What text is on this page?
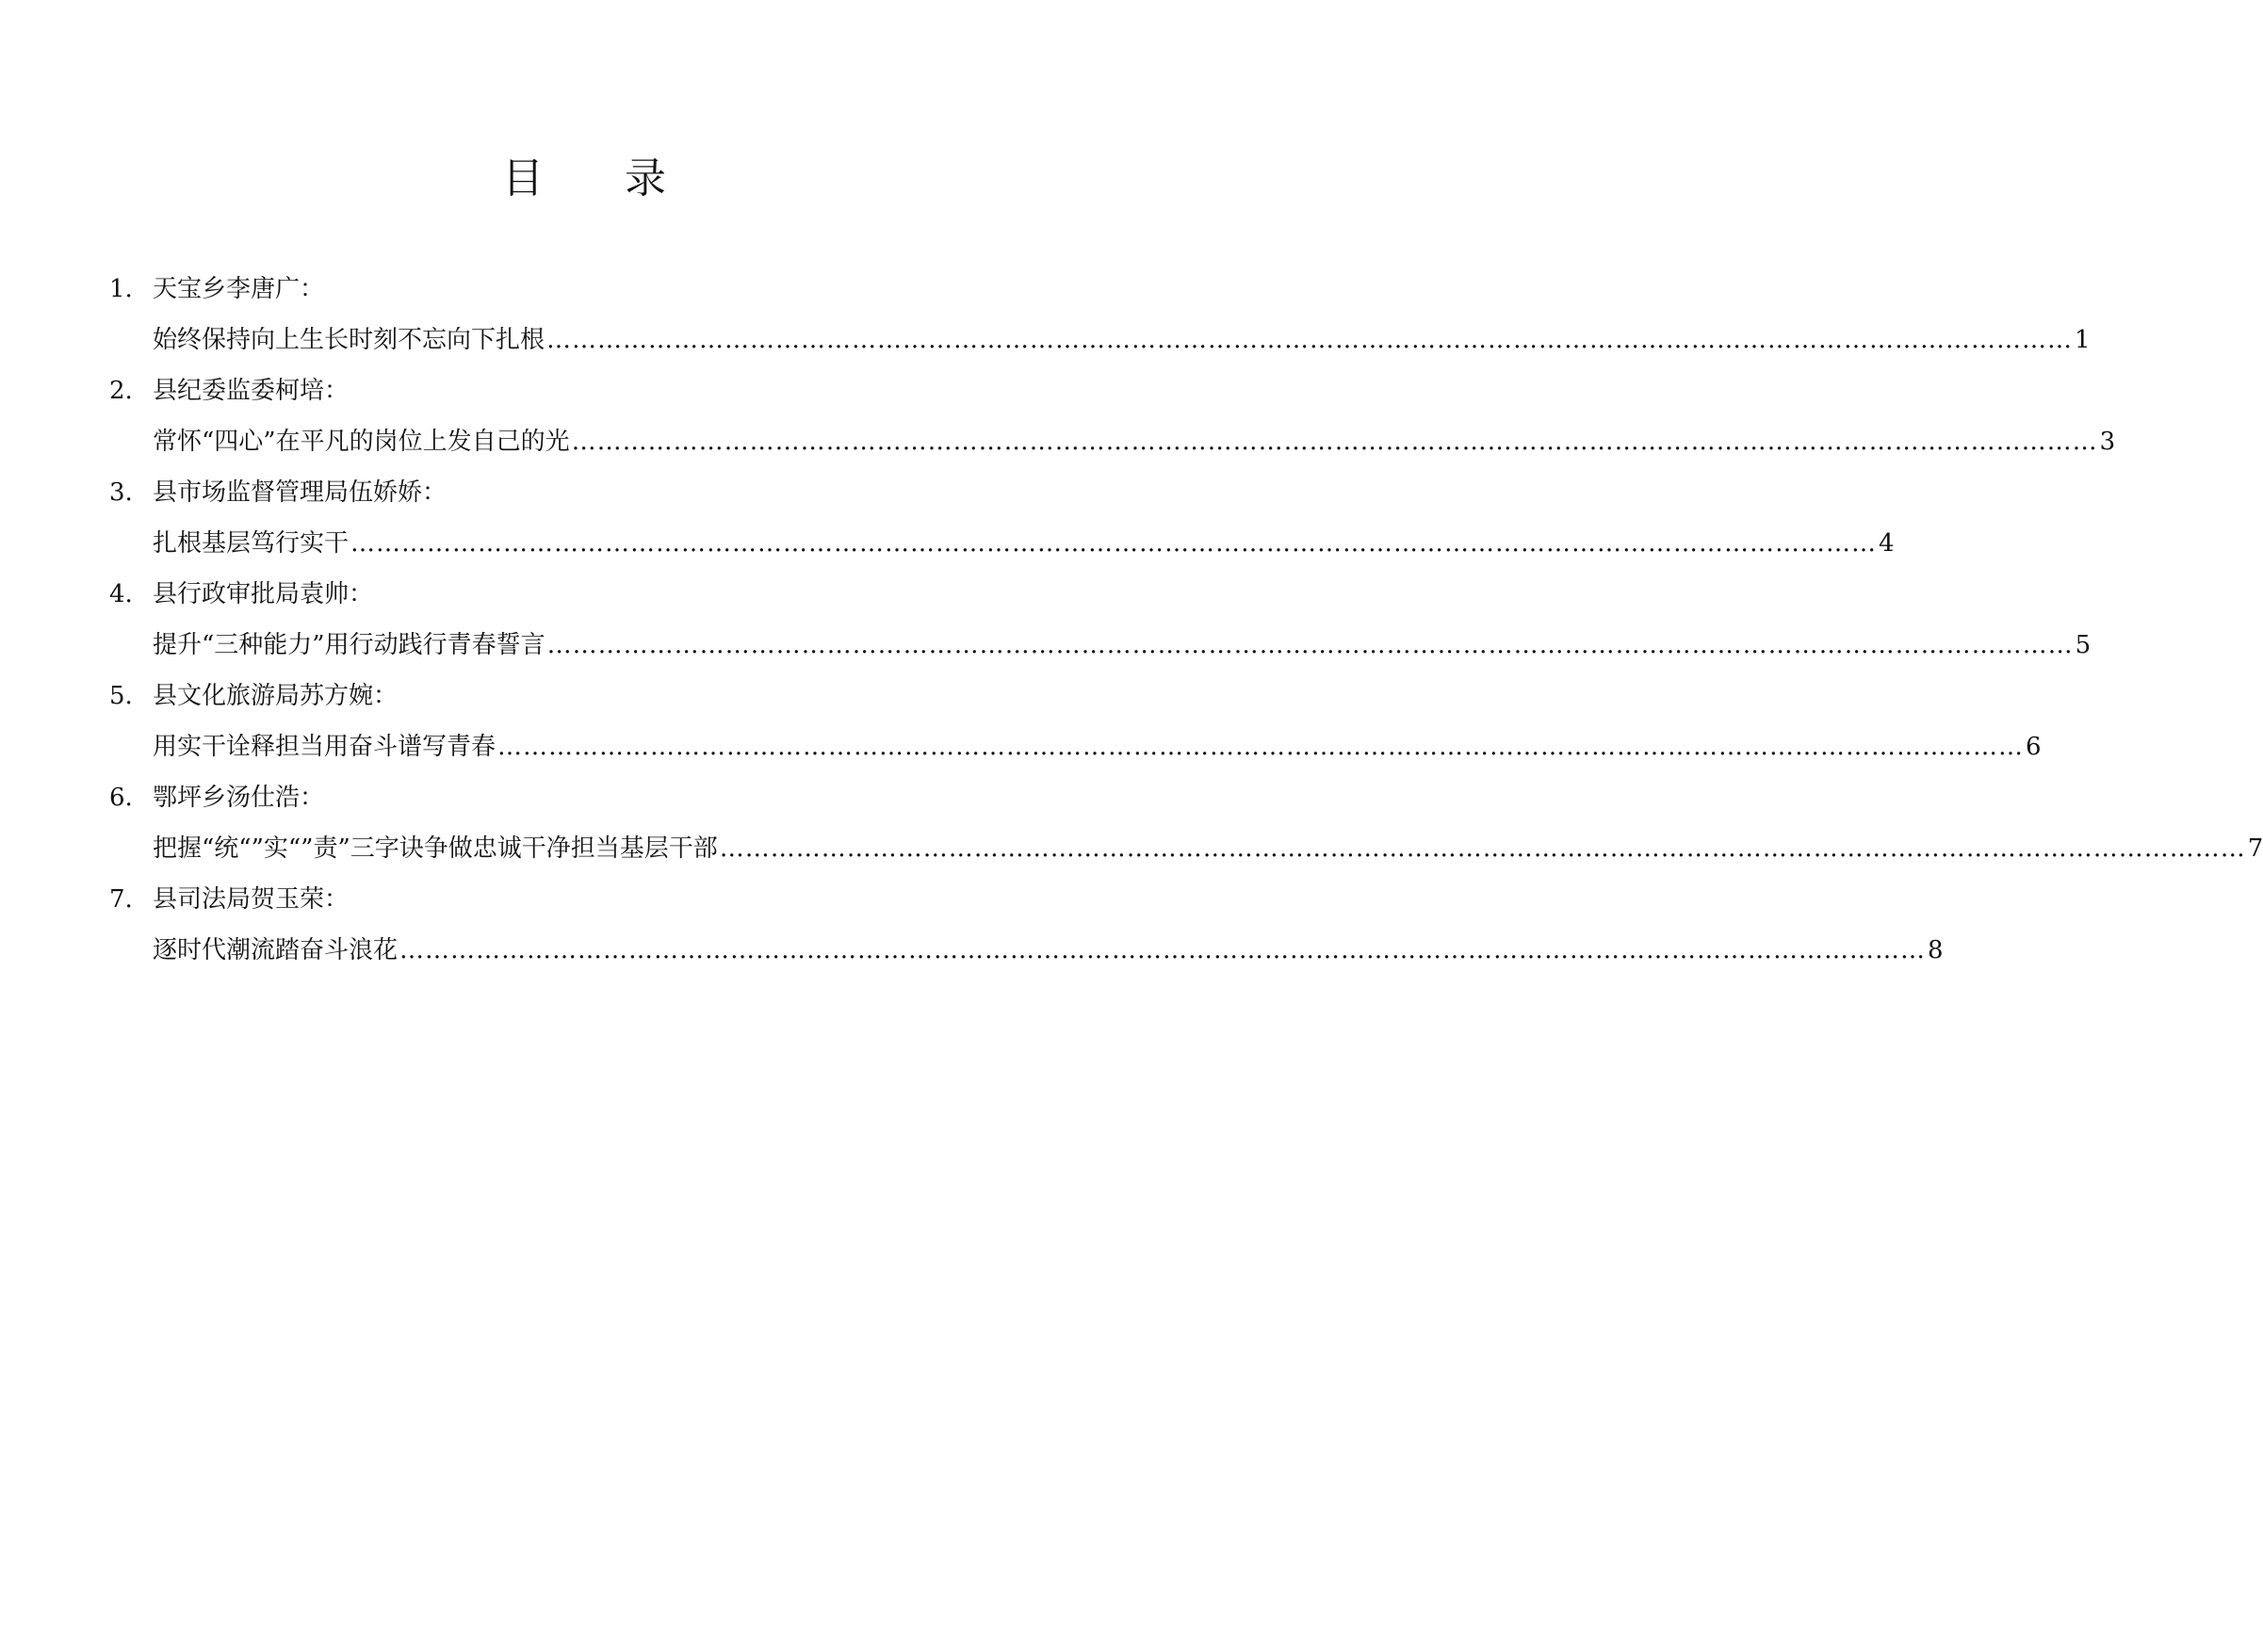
目 录
1. 天宝乡李唐广：
始终保持向上生长时刻不忘向下扎根 ……………………………………………………………………………………………………………………………………………………………… 1
2. 县纪委监委柯培：
常怀“四心”在平凡的岗位上发自己的光 ……………………………………………………………………………………………………………………………………………………………… 3
3. 县市场监督管理局伍娇娇：
扎根基层笃行实干 ……………………………………………………………………………………………………………………………………………………………… 4
4. 县行政审批局袁帅：
提升“三种能力”用行动践行青春誓言 ……………………………………………………………………………………………………………………………………………………………… 5
5. 县文化旅游局苏方婉：
用实干诠释担当用奋斗谱写青春 ……………………………………………………………………………………………………………………………………………………………… 6
6. 鄂坪乡汤仕浩：
把握“统“”实“”责”三字诀争做忠诚干净担当基层干部 ……………………………………………………………………………………………………………………………………………………………… 7
7. 县司法局贺玉荣：
逐时代潮流踏奋斗浪花 ……………………………………………………………………………………………………………………………………………………………… 8
